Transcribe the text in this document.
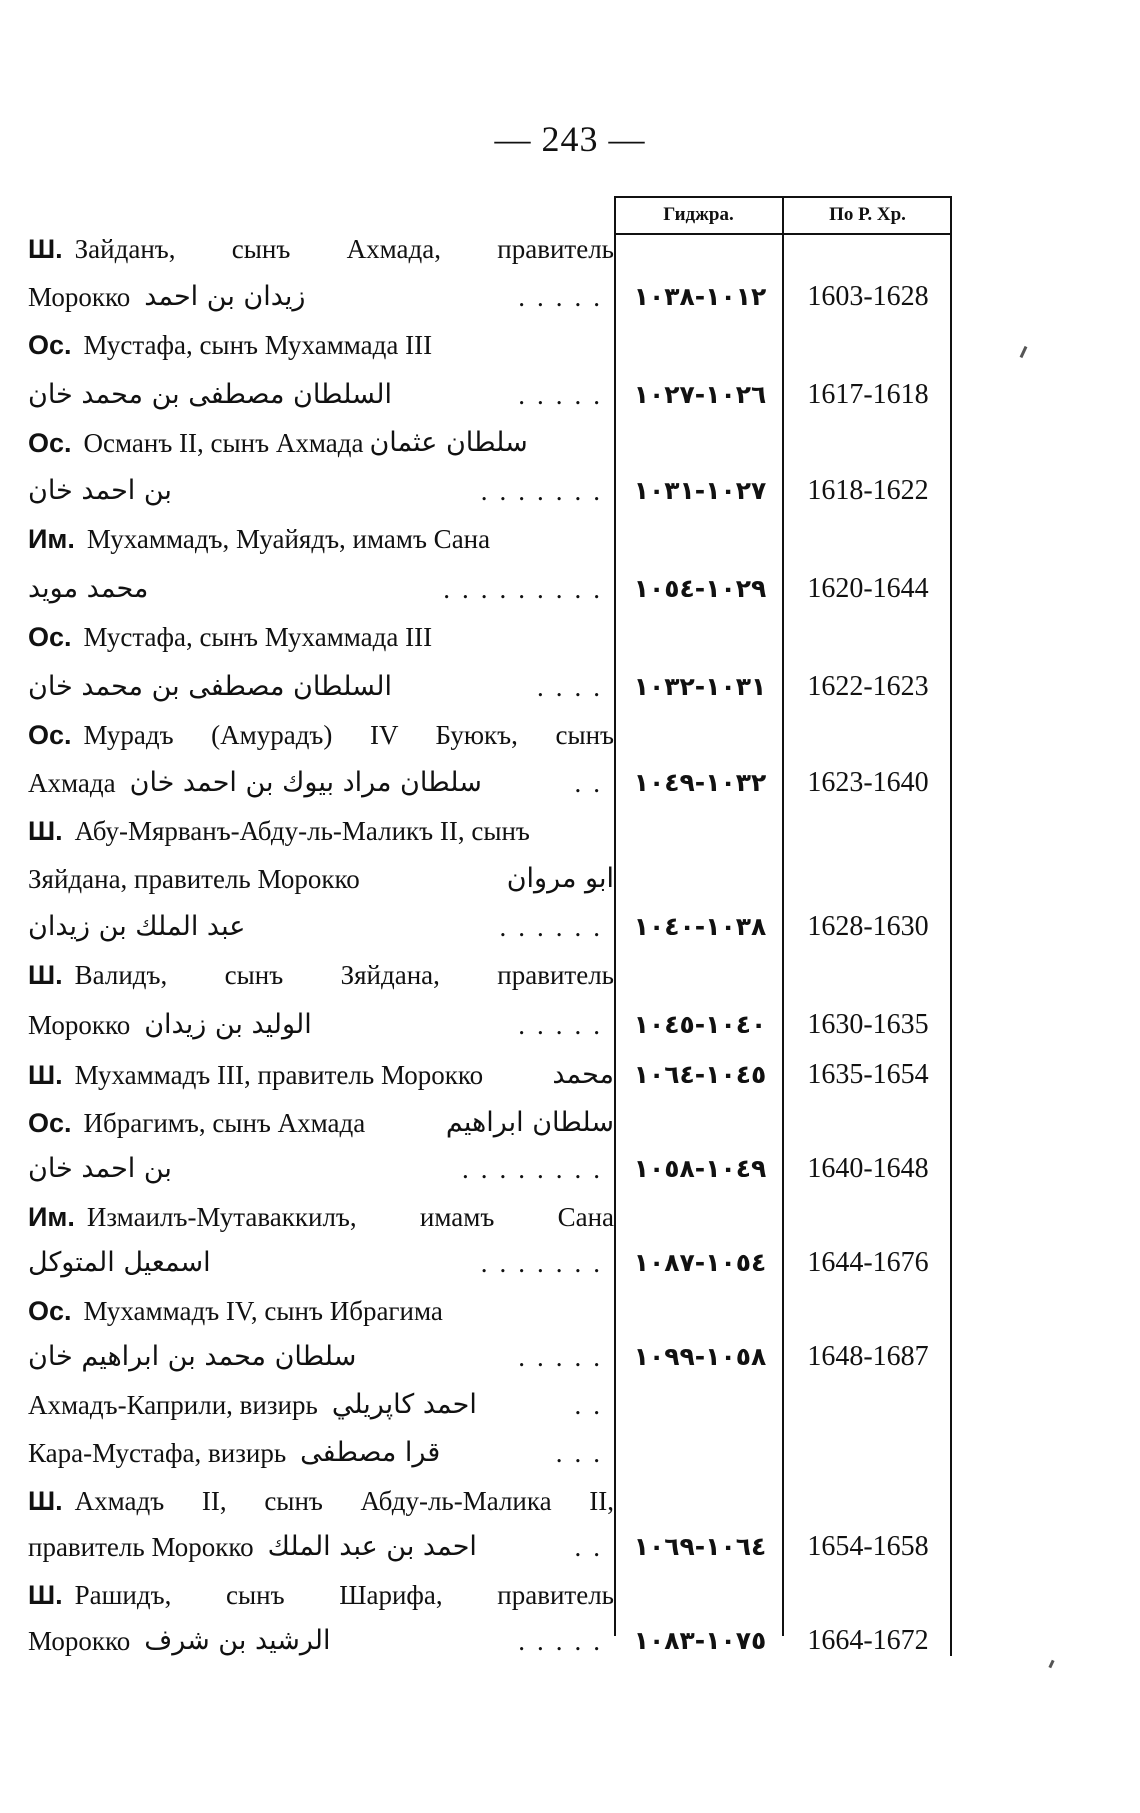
— 243 —
Гиджра.	По Р. Хр.
Ш. Зайданъ, сынъ Ахмада, правитель
Морокко زيدان بن احمد	..... ١٠١٢-١٠٣٨	1603-1628
Ос. Мустафа, сынъ Мухаммада III
السلطان مصطفى بن محمد خان	..... ١٠٢٦-١٠٢٧	1617-1618
Ос. Османъ II, сынъ Ахмада سلطان عثمان
بن احمد خان	....... ١٠٢٧-١٠٣١	1618-1622
Им. Мухаммадъ, Муайядъ, имамъ Сана
محمد مويد	......... ١٠٢٩-١٠٥٤	1620-1644
Ос. Мустафа, сынъ Мухаммада III
السلطان مصطفى بن محمد خان	.... ١٠٣١-١٠٣٢	1622-1623
Ос. Мурадъ (Амурадъ) IV Буюкъ, сынъ
Ахмада سلطان مراد بيوك بن احمد خان	.. ١٠٣٢-١٠٤٩	1623-1640
Ш. Абу-Мярванъ-Абду-ль-Маликъ II, сынъ
Зяйдана, правитель Морокко	ابو مروان
عبد الملك بن زيدان	...... ١٠٣٨-١٠٤٠	1628-1630
Ш. Валидъ, сынъ Зяйдана, правитель
Морокко الوليد بن زيدان	..... ١٠٤٠-١٠٤٥	1630-1635
Ш. Мухаммадъ III, правитель Морокко	محمد ١٠٤٥-١٠٦٤	1635-1654
Ос. Ибрагимъ, сынъ Ахмада	سلطان ابراهيم
بن احمد خان	........ ١٠٤٩-١٠٥٨	1640-1648
Им. Измаилъ-Мутаваккилъ, имамъ Сана
اسمعيل المتوكل	....... ١٠٥٤-١٠٨٧	1644-1676
Ос. Мухаммадъ IV, сынъ Ибрагима
سلطان محمد بن ابراهيم خان	..... ١٠٥٨-١٠٩٩	1648-1687
Ахмадъ-Каприли, визирь احمد كاپريلي	..
Кара-Мустафа, визирь قرا مصطفى	...
Ш. Ахмадъ II, сынъ Абду-ль-Малика II,
правитель Морокко احمد بن عبد الملك	.. ١٠٦٤-١٠٦٩	1654-1658
Ш. Рашидъ, сынъ Шарифа, правитель
Морокко الرشيد بن شرف	..... ١٠٧٥-١٠٨٣	1664-1672
